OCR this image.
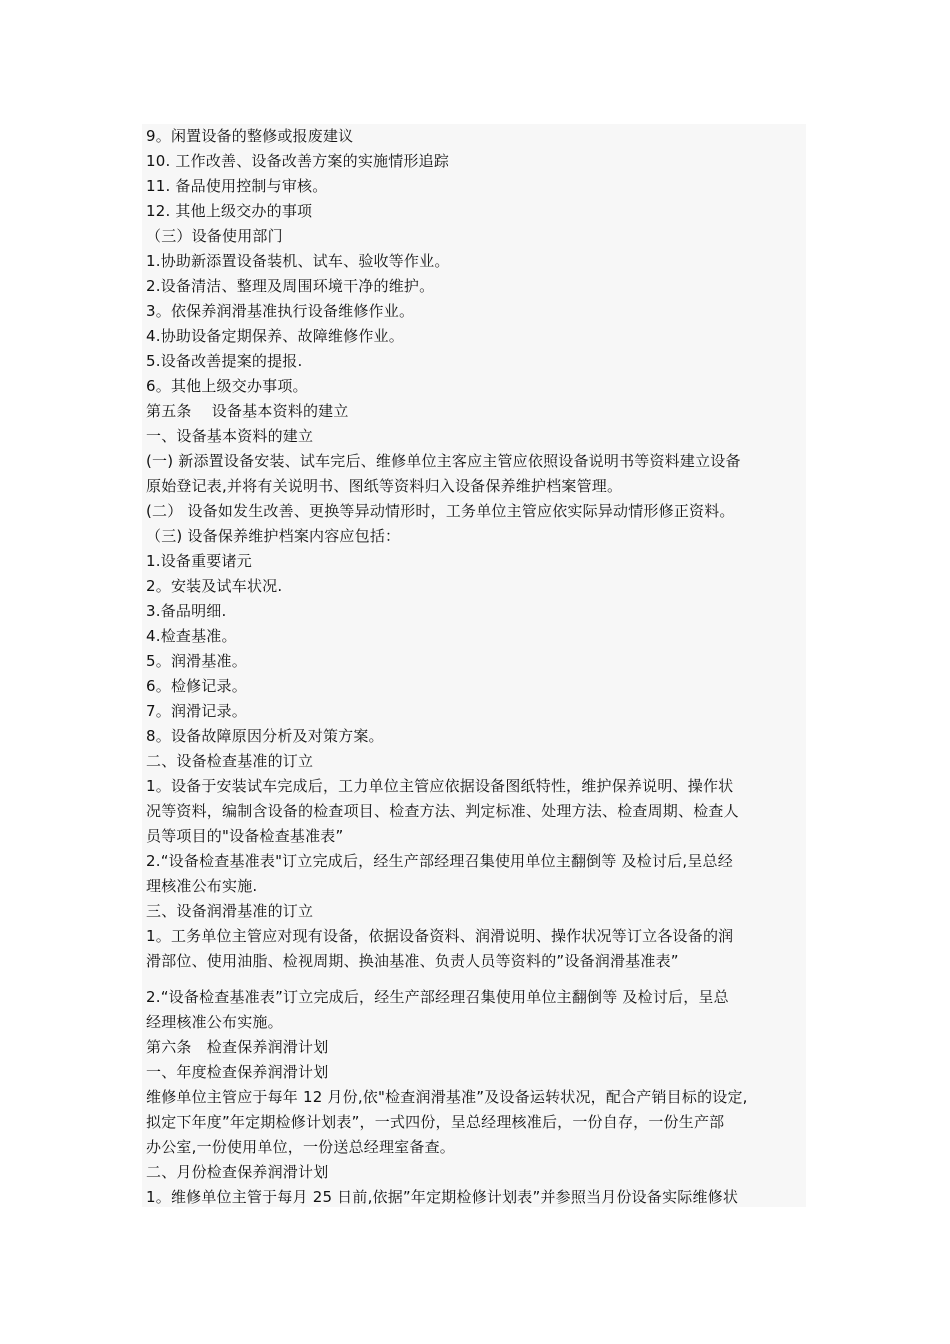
9。闲置设备的整修或报废建议
10. 工作改善、设备改善方案的实施情形追踪
11. 备品使用控制与审核。
12. 其他上级交办的事项
（三）设备使用部门
1.协助新添置设备装机、试车、验收等作业。
2.设备清洁、整理及周围环境干净的维护。
3。依保养润滑基准执行设备维修作业。
4.协助设备定期保养、故障维修作业。
5.设备改善提案的提报.
6。其他上级交办事项。
第五条　 设备基本资料的建立
一、设备基本资料的建立
(一) 新添置设备安装、试车完后、维修单位主客应主管应依照设备说明书等资料建立设备
原始登记表,并将有关说明书、图纸等资料归入设备保养维护档案管理。
(二） 设备如发生改善、更换等异动情形时，工务单位主管应依实际异动情形修正资料。
（三) 设备保养维护档案内容应包括：
1.设备重要诸元
2。安装及试车状况.
3.备品明细.
4.检查基准。
5。润滑基准。
6。检修记录。
7。润滑记录。
8。设备故障原因分析及对策方案。
二、设备检查基准的订立
1。设备于安装试车完成后，工力单位主管应依据设备图纸特性，维护保养说明、操作状
况等资料，编制含设备的检查项目、检查方法、判定标准、处理方法、检查周期、检查人
员等项目的"设备检查基准表”
2.“设备检查基准表"订立完成后，经生产部经理召集使用单位主翻倒等 及检讨后,呈总经
理核准公布实施.
三、设备润滑基准的订立
1。工务单位主管应对现有设备，依据设备资料、润滑说明、操作状况等订立各设备的润
滑部位、使用油脂、检视周期、换油基准、负责人员等资料的”设备润滑基准表”
2.“设备检查基准表”订立完成后，经生产部经理召集使用单位主翻倒等 及检讨后，呈总
经理核准公布实施。
第六条　检查保养润滑计划
一、年度检查保养润滑计划
维修单位主管应于每年 12 月份,依"检查润滑基准”及设备运转状况，配合产销目标的设定,
拟定下年度”年定期检修计划表”，一式四份，呈总经理核准后，一份自存，一份生产部
办公室,一份使用单位，一份送总经理室备查。
二、月份检查保养润滑计划
1。维修单位主管于每月 25 日前,依据”年定期检修计划表”并参照当月份设备实际维修状
